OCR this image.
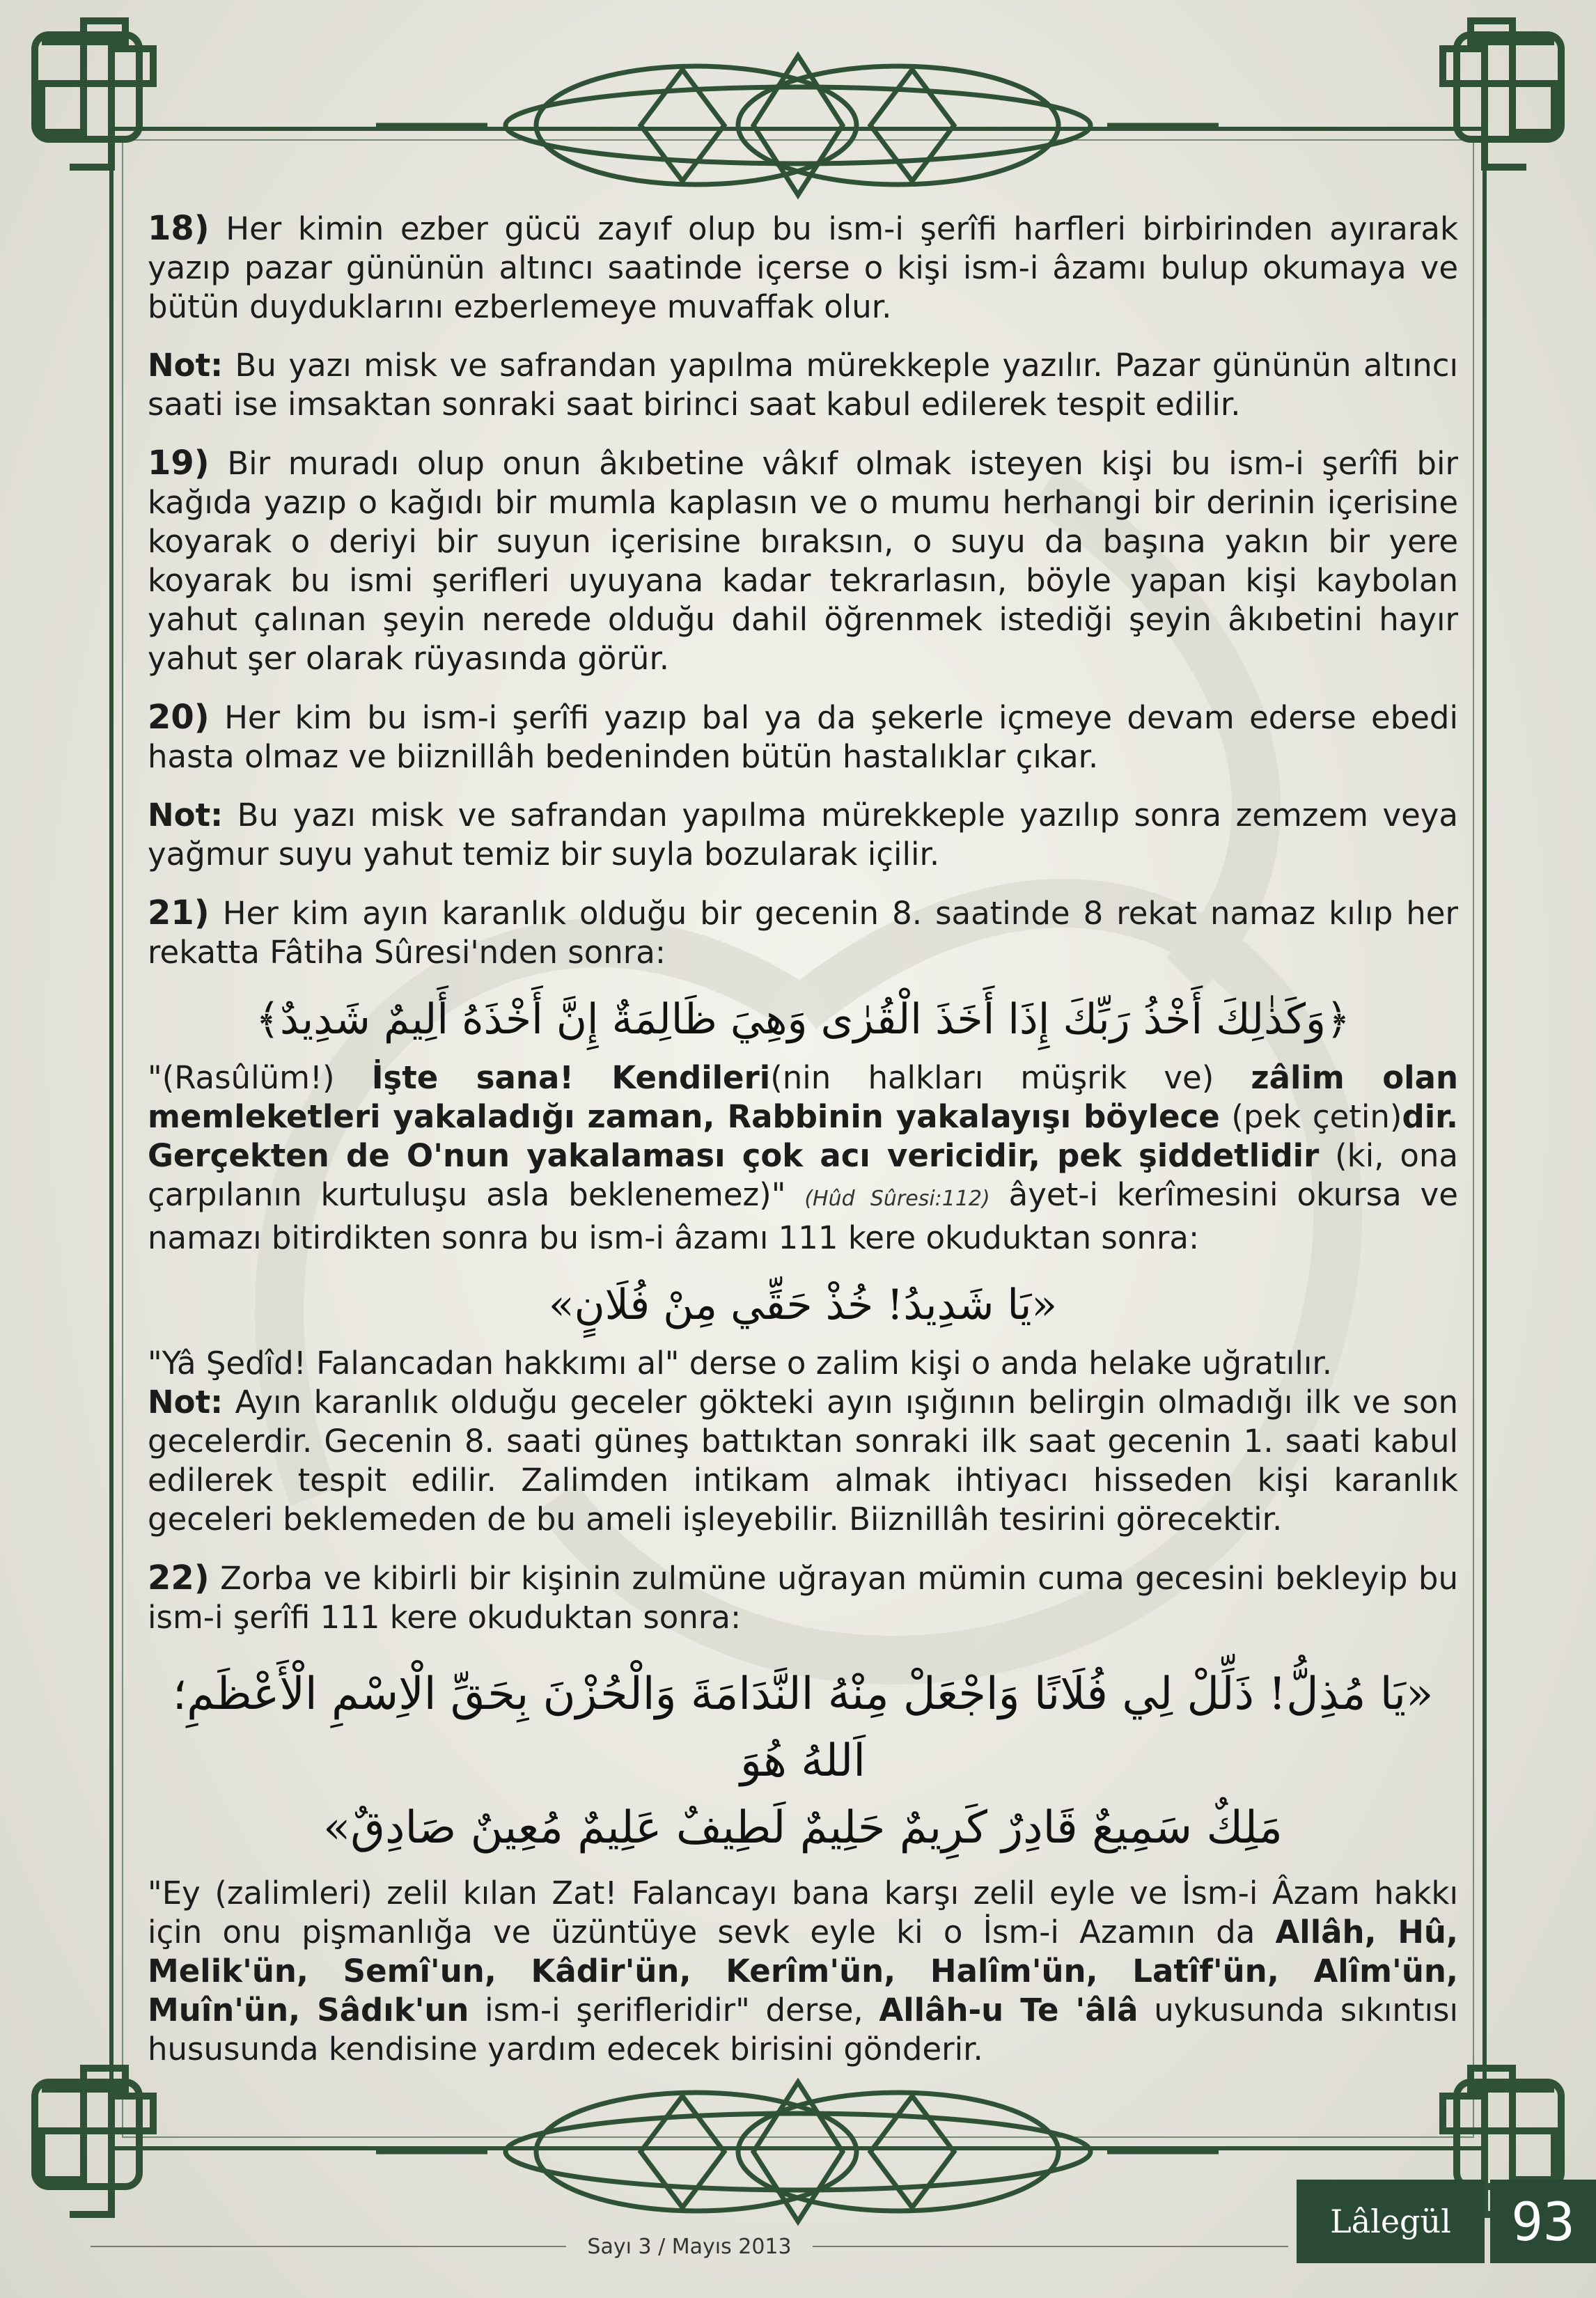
18) Her kimin ezber gücü zayıf olup bu ism-i şerîfi harfleri birbirinden ayırarak yazıp pazar gününün altıncı saatinde içerse o kişi ism-i âzamı bulup okumaya ve bütün duyduklarını ezberlemeye muvaffak olur.

Not: Bu yazı misk ve safrandan yapılma mürekkeple yazılır. Pazar gününün altıncı saati ise imsaktan sonraki saat birinci saat kabul edilerek tespit edilir.

19) Bir muradı olup onun âkıbetine vâkıf olmak isteyen kişi bu ism-i şerîfi bir kağıda yazıp o kağıdı bir mumla kaplasın ve o mumu herhangi bir derinin içerisine koyarak o deriyi bir suyun içerisine bıraksın, o suyu da başına yakın bir yere koyarak bu ismi şerifleri uyuyana kadar tekrarlasın, böyle yapan kişi kaybolan yahut çalınan şeyin nerede olduğu dahil öğrenmek istediği şeyin âkıbetini hayır yahut şer olarak rüyasında görür.

20) Her kim bu ism-i şerîfi yazıp bal ya da şekerle içmeye devam ederse ebedi hasta olmaz ve biiznillâh bedeninden bütün hastalıklar çıkar.

Not: Bu yazı misk ve safrandan yapılma mürekkeple yazılıp sonra zemzem veya yağmur suyu yahut temiz bir suyla bozularak içilir.

21) Her kim ayın karanlık olduğu bir gecenin 8. saatinde 8 rekat namaz kılıp her rekatta Fâtiha Sûresi'nden sonra:

﴿وَكَذٰلِكَ أَخْذُ رَبِّكَ إِذَا أَخَذَ الْقُرٰى وَهِيَ ظَالِمَةٌ إِنَّ أَخْذَهُ أَلِيمٌ شَدِيدٌ﴾

"(Rasûlüm!) İşte sana! Kendileri(nin halkları müşrik ve) zâlim olan memleketleri yakaladığı zaman, Rabbinin yakalayışı böylece (pek çetin)dir. Gerçekten de O'nun yakalaması çok acı vericidir, pek şiddetlidir (ki, ona çarpılanın kurtuluşu asla beklenemez)" (Hûd Sûresi:112) âyet-i kerîmesini okursa ve namazı bitirdikten sonra bu ism-i âzamı 111 kere okuduktan sonra:

«يَا شَدِيدُ! خُذْ حَقِّي مِنْ فُلَانٍ»

"Yâ Şedîd! Falancadan hakkımı al" derse o zalim kişi o anda helake uğratılır.

Not: Ayın karanlık olduğu geceler gökteki ayın ışığının belirgin olmadığı ilk ve son gecelerdir. Gecenin 8. saati güneş battıktan sonraki ilk saat gecenin 1. saati kabul edilerek tespit edilir. Zalimden intikam almak ihtiyacı hisseden kişi karanlık geceleri beklemeden de bu ameli işleyebilir. Biiznillâh tesirini görecektir.

22) Zorba ve kibirli bir kişinin zulmüne uğrayan mümin cuma gecesini bekleyip bu ism-i şerîfi 111 kere okuduktan sonra:

«يَا مُذِلُّ! ذَلِّلْ لِي فُلَانًا وَاجْعَلْ مِنْهُ النَّدَامَةَ وَالْحُزْنَ بِحَقِّ الْاِسْمِ الْأَعْظَمِ؛ اَللهُ هُوَ
مَلِكٌ سَمِيعٌ قَادِرٌ كَرِيمٌ حَلِيمٌ لَطِيفٌ عَلِيمٌ مُعِينٌ صَادِقٌ»

"Ey (zalimleri) zelil kılan Zat! Falancayı bana karşı zelil eyle ve İsm-i Âzam hakkı için onu pişmanlığa ve üzüntüye sevk eyle ki o İsm-i Azamın da Allâh, Hû, Melik'ün, Semî'un, Kâdir'ün, Kerîm'ün, Halîm'ün, Latîf'ün, Alîm'ün, Muîn'ün, Sâdık'un ism-i şerifleridir" derse, Allâh-u Te 'âlâ uykusunda sıkıntısı hususunda kendisine yardım edecek birisini gönderir.

Sayı 3 / Mayıs 2013
Lâlegül 93
